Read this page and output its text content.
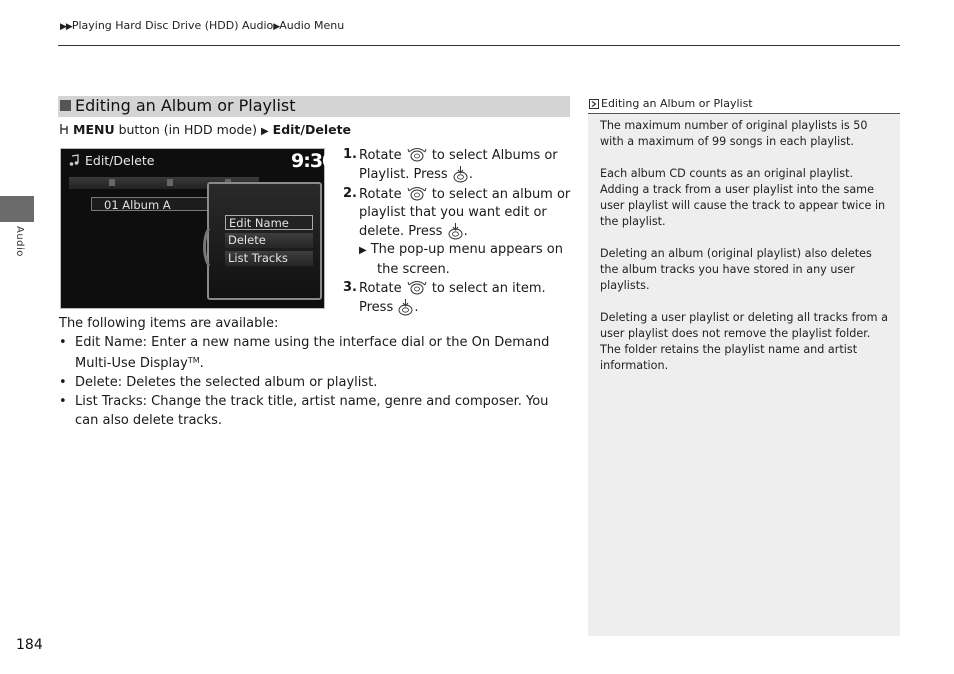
▶▶Playing Hard Disc Drive (HDD) Audio▶Audio Menu
Audio
Editing an Album or Playlist
MENU button (in HDD mode) ▶ Edit/Delete
Edit/Delete	9:30
01 Album A
Edit Name
Delete
List Tracks
1. Rotate  to select Albums or Playlist. Press .
2. Rotate  to select an album or playlist that you want edit or delete. Press .
▶ The pop-up menu appears on the screen.
3. Rotate  to select an item. Press .
The following items are available:
• Edit Name: Enter a new name using the interface dial or the On Demand Multi-Use Display™.
• Delete: Deletes the selected album or playlist.
• List Tracks: Change the track title, artist name, genre and composer. You can also delete tracks.
Editing an Album or Playlist

The maximum number of original playlists is 50 with a maximum of 99 songs in each playlist.

Each album CD counts as an original playlist. Adding a track from a user playlist into the same user playlist will cause the track to appear twice in the playlist.

Deleting an album (original playlist) also deletes the album tracks you have stored in any user playlists.

Deleting a user playlist or deleting all tracks from a user playlist does not remove the playlist folder. The folder retains the playlist name and artist information.

184
